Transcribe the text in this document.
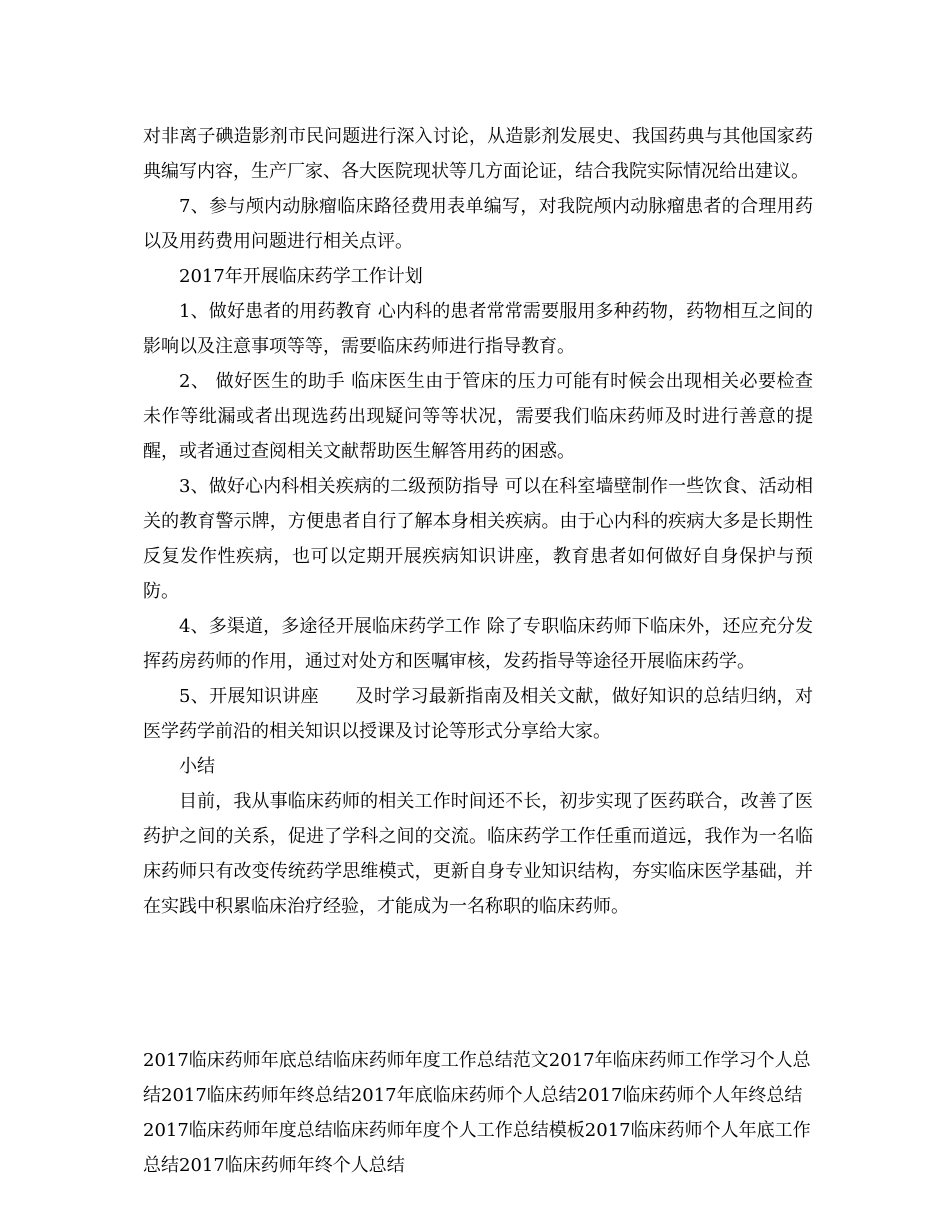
对非离子碘造影剂市民问题进行深入讨论，从造影剂发展史、我国药典与其他国家药典编写内容，生产厂家、各大医院现状等几方面论证，结合我院实际情况给出建议。

7、参与颅内动脉瘤临床路径费用表单编写，对我院颅内动脉瘤患者的合理用药以及用药费用问题进行相关点评。

2017年开展临床药学工作计划

1、做好患者的用药教育 心内科的患者常常需要服用多种药物，药物相互之间的影响以及注意事项等等，需要临床药师进行指导教育。

2、 做好医生的助手 临床医生由于管床的压力可能有时候会出现相关必要检查未作等纰漏或者出现选药出现疑问等等状况，需要我们临床药师及时进行善意的提醒，或者通过查阅相关文献帮助医生解答用药的困惑。

3、做好心内科相关疾病的二级预防指导 可以在科室墙壁制作一些饮食、活动相关的教育警示牌，方便患者自行了解本身相关疾病。由于心内科的疾病大多是长期性反复发作性疾病，也可以定期开展疾病知识讲座，教育患者如何做好自身保护与预防。

4、多渠道，多途径开展临床药学工作 除了专职临床药师下临床外，还应充分发挥药房药师的作用，通过对处方和医嘱审核，发药指导等途径开展临床药学。

5、开展知识讲座　　及时学习最新指南及相关文献，做好知识的总结归纳，对医学药学前沿的相关知识以授课及讨论等形式分享给大家。

小结

目前，我从事临床药师的相关工作时间还不长，初步实现了医药联合，改善了医药护之间的关系，促进了学科之间的交流。临床药学工作任重而道远，我作为一名临床药师只有改变传统药学思维模式，更新自身专业知识结构，夯实临床医学基础，并在实践中积累临床治疗经验，才能成为一名称职的临床药师。

2017临床药师年底总结临床药师年度工作总结范文2017年临床药师工作学习个人总结2017临床药师年终总结2017年底临床药师个人总结2017临床药师个人年终总结2017临床药师年度总结临床药师年度个人工作总结模板2017临床药师个人年底工作总结2017临床药师年终个人总结
